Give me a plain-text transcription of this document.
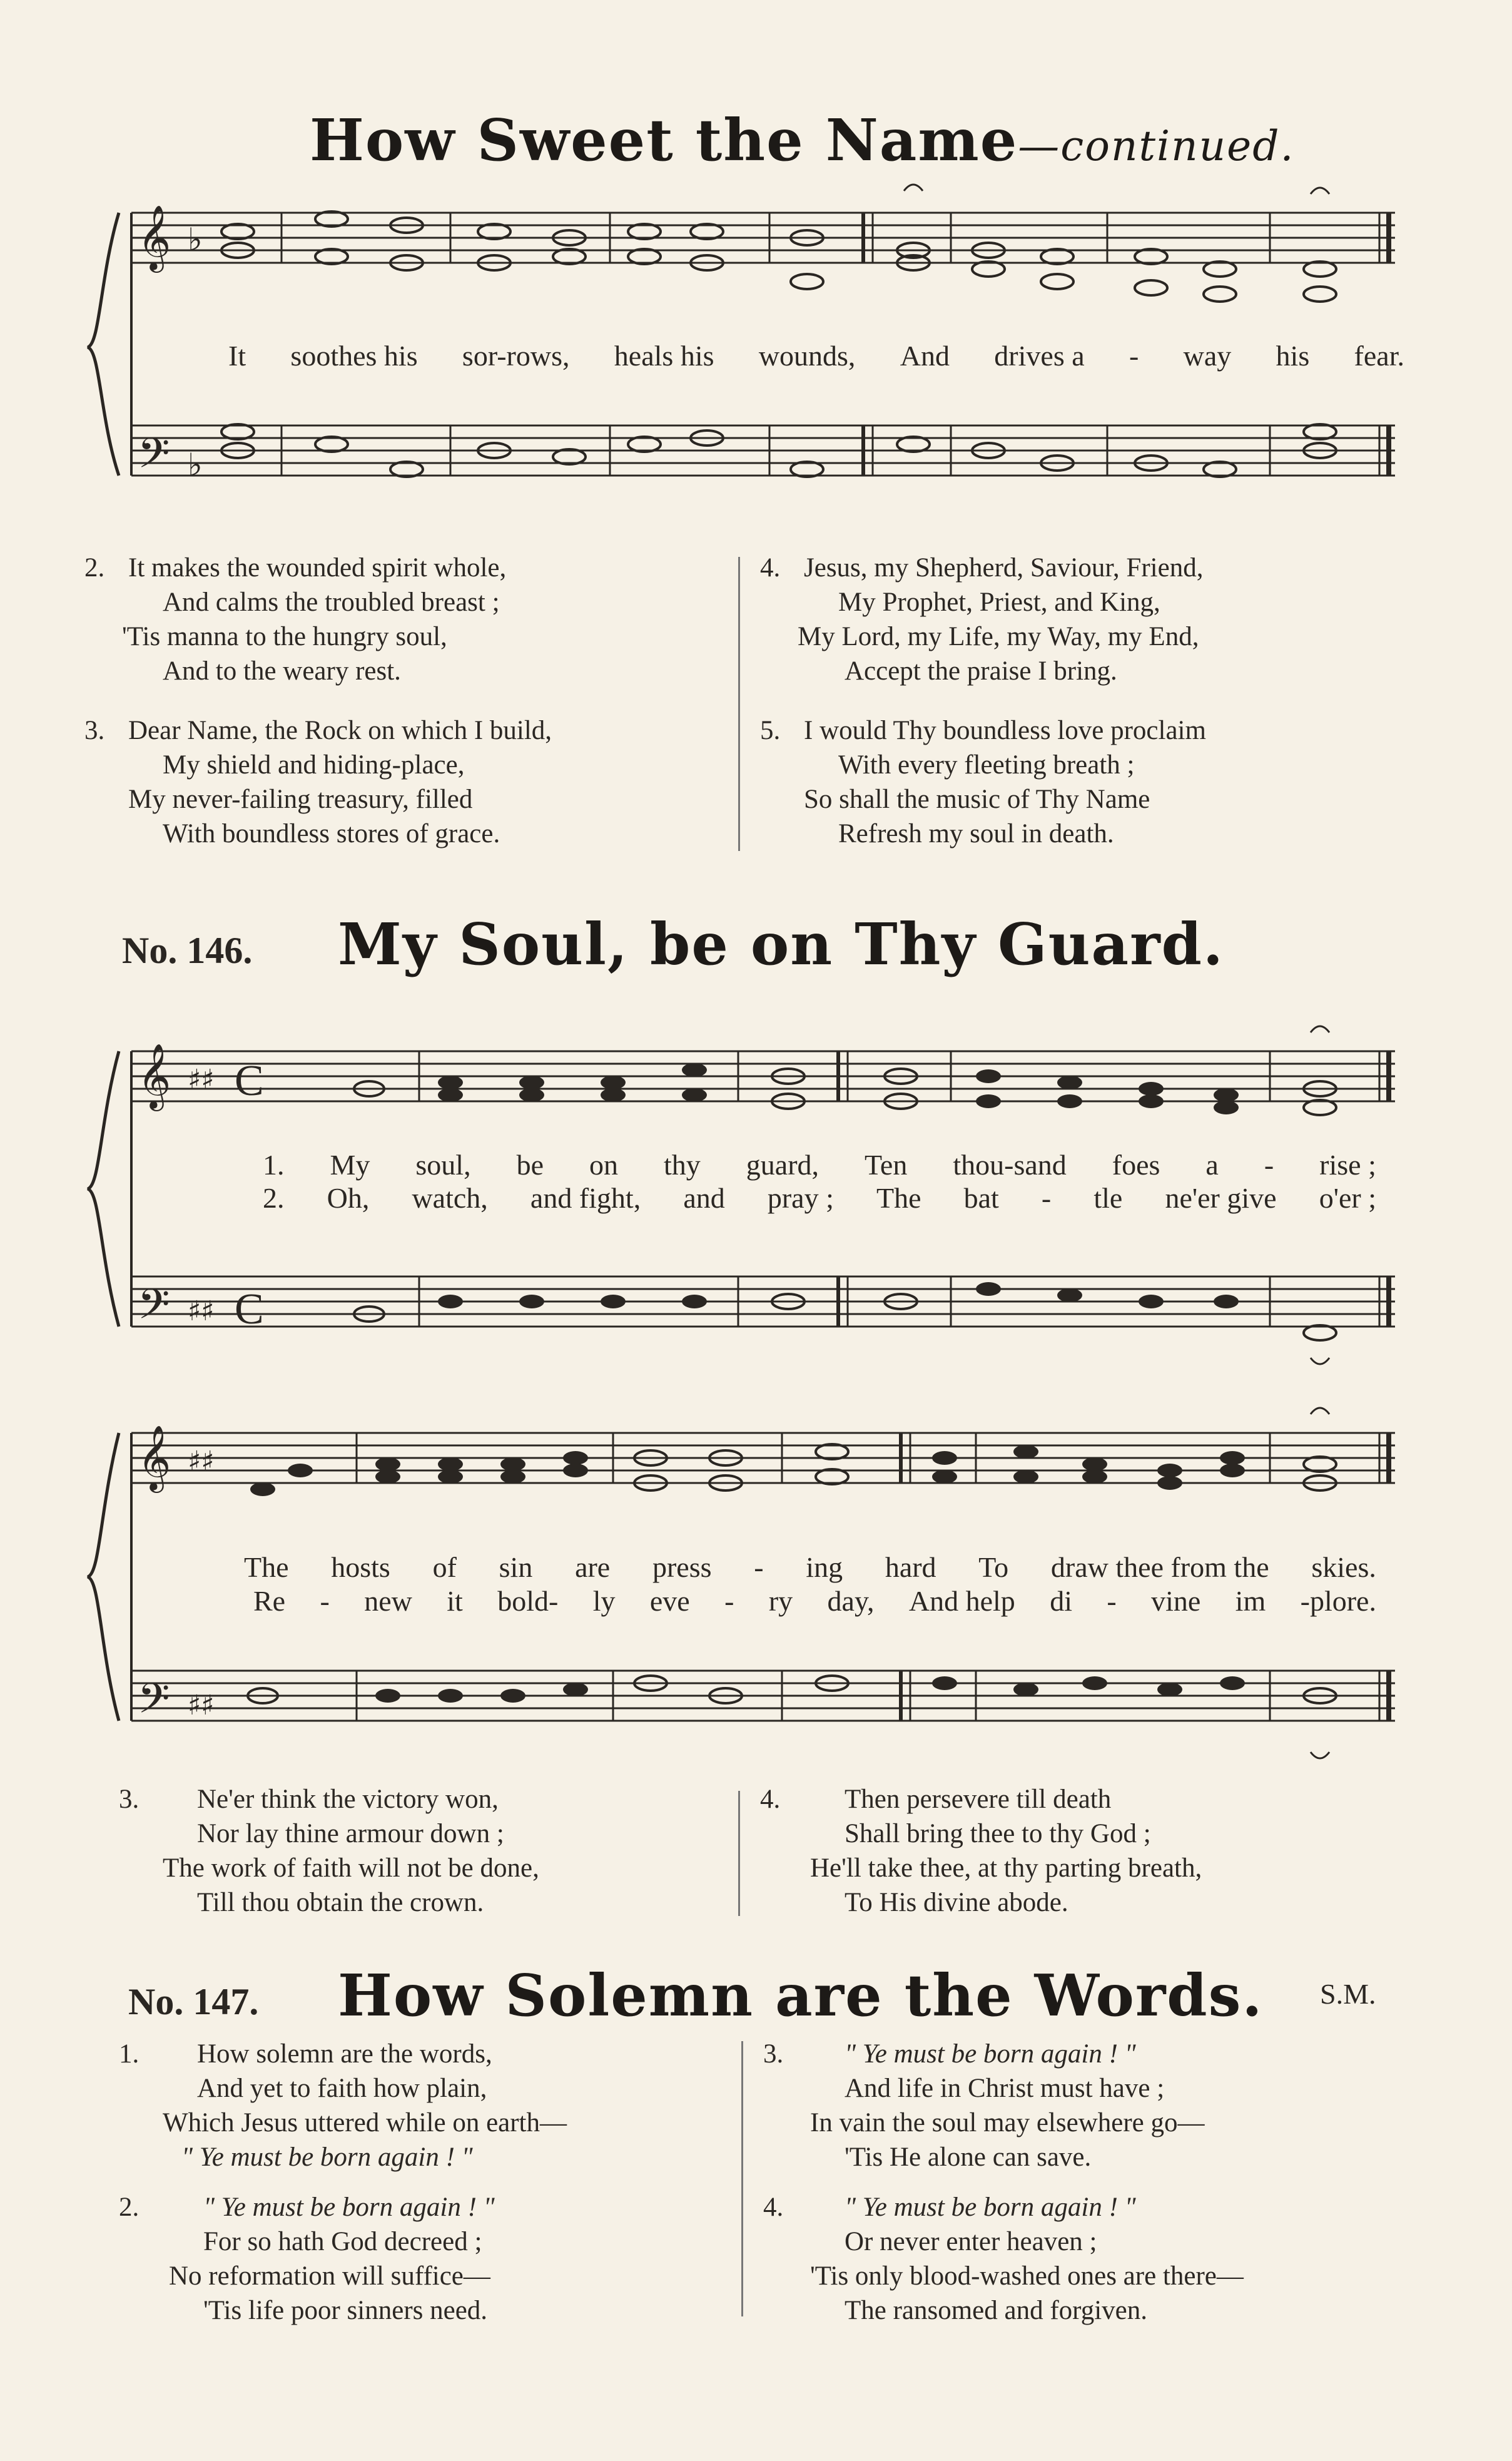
How Sweet the Name—continued.
𝄞
𝄢
♭
♭
It soothes his sor-rows, heals his wounds, And drives a - way his fear.
2. It makes the wounded spirit whole,
And calms the troubled breast ;
'Tis manna to the hungry soul,
And to the weary rest.
3. Dear Name, the Rock on which I build,
My shield and hiding-place,
My never-failing treasury, filled
With boundless stores of grace.
4. Jesus, my Shepherd, Saviour, Friend,
My Prophet, Priest, and King,
My Lord, my Life, my Way, my End,
Accept the praise I bring.
5. I would Thy boundless love proclaim
With every fleeting breath ;
So shall the music of Thy Name
Refresh my soul in death.
No. 146. My Soul, be on Thy Guard.
𝄞
𝄢
♯♯
♯♯
C
C
1. My soul, be on thy guard, Ten thou-sand foes a - rise ;
2. Oh, watch, and fight, and pray ; The bat - tle ne'er give o'er ;
𝄞
𝄢
♯♯
♯♯
The hosts of sin are press - ing hard To draw thee from the skies.
Re - new it bold- ly eve - ry day, And help di - vine im -plore.
3. Ne'er think the victory won,
Nor lay thine armour down ;
The work of faith will not be done,
Till thou obtain the crown.
4. Then persevere till death
Shall bring thee to thy God ;
He'll take thee, at thy parting breath,
To His divine abode.
No. 147. How Solemn are the Words. S.M.
1. How solemn are the words,
And yet to faith how plain,
Which Jesus uttered while on earth—
" Ye must be born again ! "
2. " Ye must be born again ! "
For so hath God decreed ;
No reformation will suffice—
'Tis life poor sinners need.
3. " Ye must be born again ! "
And life in Christ must have ;
In vain the soul may elsewhere go—
'Tis He alone can save.
4. " Ye must be born again ! "
Or never enter heaven ;
'Tis only blood-washed ones are there—
The ransomed and forgiven.
